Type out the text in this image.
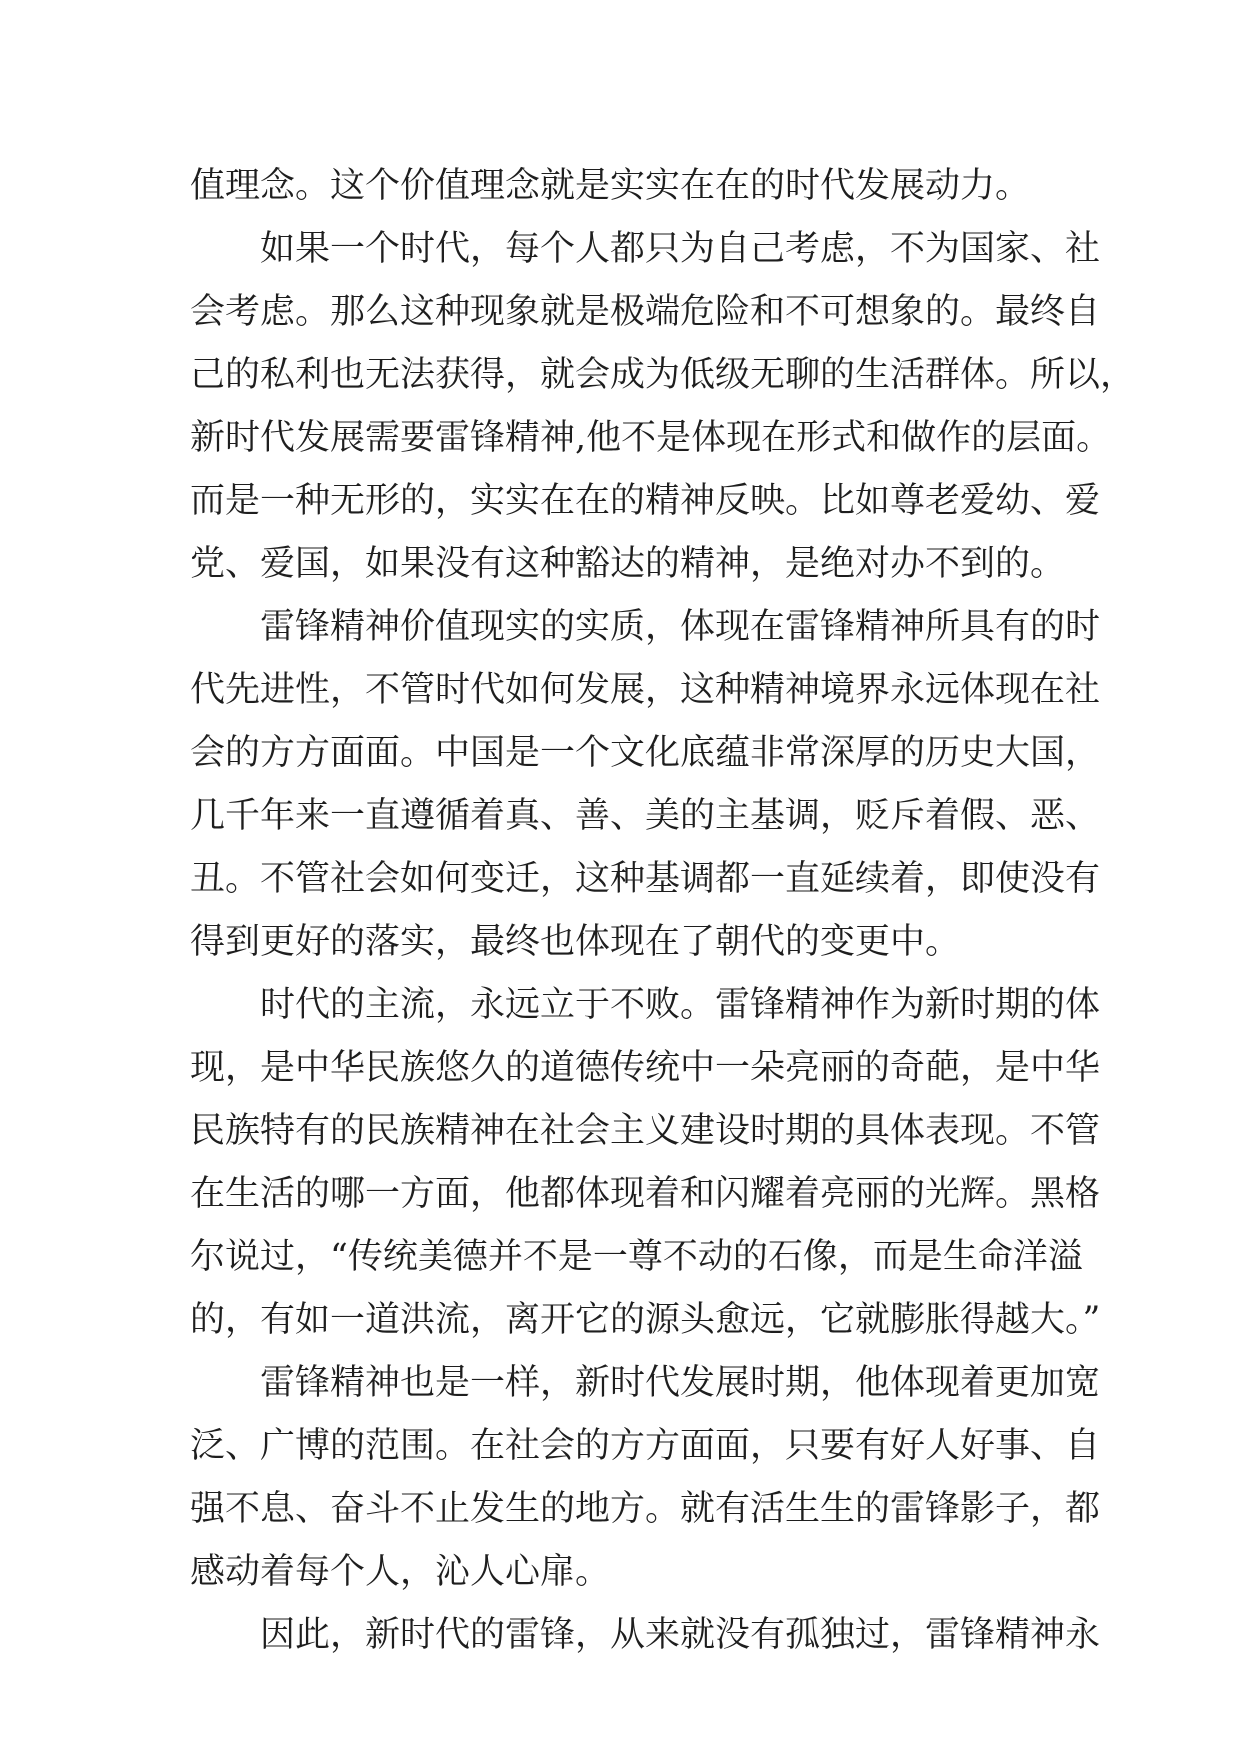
值理念。这个价值理念就是实实在在的时代发展动力。
如果一个时代，每个人都只为自己考虑，不为国家、社
会考虑。那么这种现象就是极端危险和不可想象的。最终自
己的私利也无法获得，就会成为低级无聊的生活群体。所以，
新时代发展需要雷锋精神,他不是体现在形式和做作的层面。
而是一种无形的，实实在在的精神反映。比如尊老爱幼、爱
党、爱国，如果没有这种豁达的精神，是绝对办不到的。
雷锋精神价值现实的实质，体现在雷锋精神所具有的时
代先进性，不管时代如何发展，这种精神境界永远体现在社
会的方方面面。中国是一个文化底蕴非常深厚的历史大国，
几千年来一直遵循着真、善、美的主基调，贬斥着假、恶、
丑。不管社会如何变迁，这种基调都一直延续着，即使没有
得到更好的落实，最终也体现在了朝代的变更中。
时代的主流，永远立于不败。雷锋精神作为新时期的体
现，是中华民族悠久的道德传统中一朵亮丽的奇葩，是中华
民族特有的民族精神在社会主义建设时期的具体表现。不管
在生活的哪一方面，他都体现着和闪耀着亮丽的光辉。黑格
尔说过，“传统美德并不是一尊不动的石像，而是生命洋溢
的，有如一道洪流，离开它的源头愈远，它就膨胀得越大。”
雷锋精神也是一样，新时代发展时期，他体现着更加宽
泛、广博的范围。在社会的方方面面，只要有好人好事、自
强不息、奋斗不止发生的地方。就有活生生的雷锋影子，都
感动着每个人，沁人心扉。
因此，新时代的雷锋，从来就没有孤独过，雷锋精神永
